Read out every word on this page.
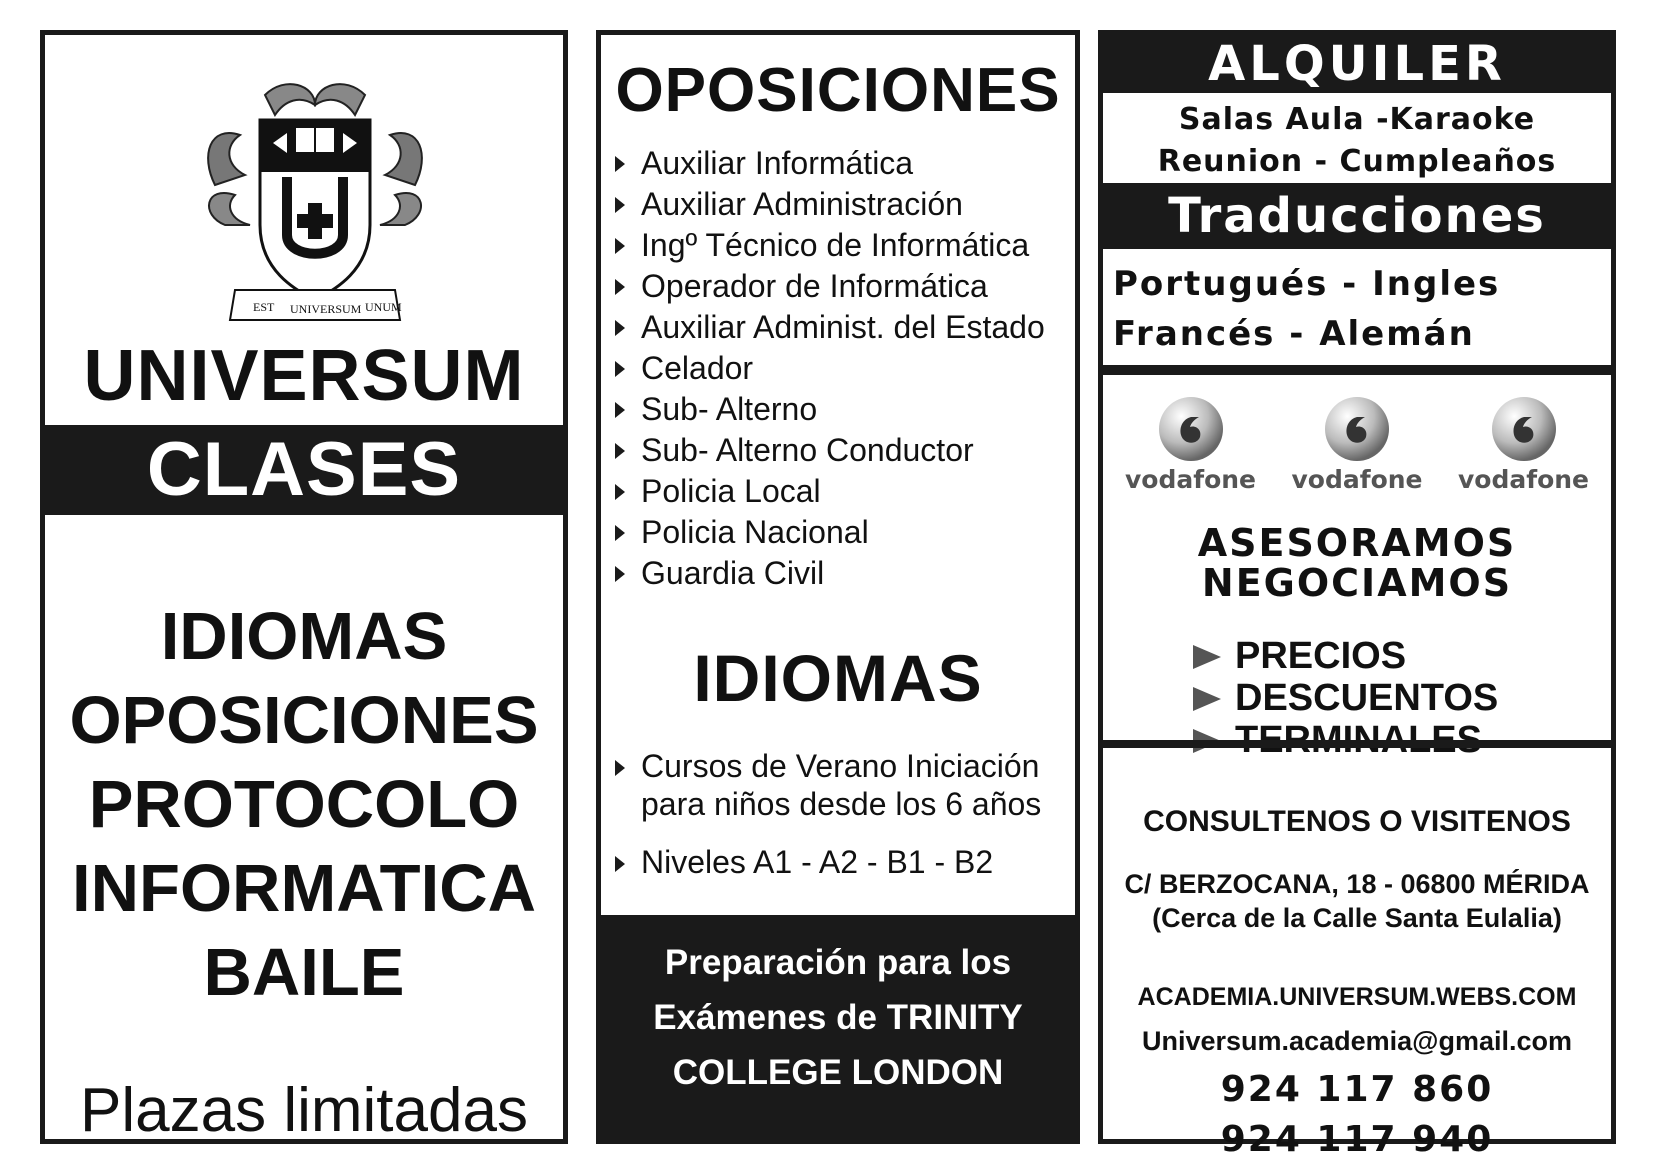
EST UNIVERSUM UNUM
UNIVERSUM
CLASES
IDIOMAS
OPOSICIONES
PROTOCOLO
INFORMATICA
BAILE
Plazas limitadas
OPOSICIONES
Auxiliar Informática
Auxiliar Administración
Ingº Técnico de Informática
Operador de Informática
Auxiliar Administ. del Estado
Celador
Sub- Alterno
Sub- Alterno Conductor
Policia Local
Policia Nacional
Guardia Civil
IDIOMAS
Cursos de Verano Iniciación para niños desde los 6 años
Niveles A1 - A2 - B1 - B2
Preparación para los
Exámenes de TRINITY
COLLEGE LONDON
ALQUILER
Salas Aula -Karaoke
Reunion - Cumpleaños
Traducciones
Portugués - Ingles
Francés - Alemán
vodafone	vodafone	vodafone
ASESORAMOS
NEGOCIAMOS
PRECIOS
DESCUENTOS
CONSULTENOS O VISITENOS
C/ BERZOCANA, 18 - 06800 MÉRIDA
(Cerca de la Calle Santa Eulalia)
ACADEMIA.UNIVERSUM.WEBS.COM
Universum.academia@gmail.com
924 117 860
924 117 940
